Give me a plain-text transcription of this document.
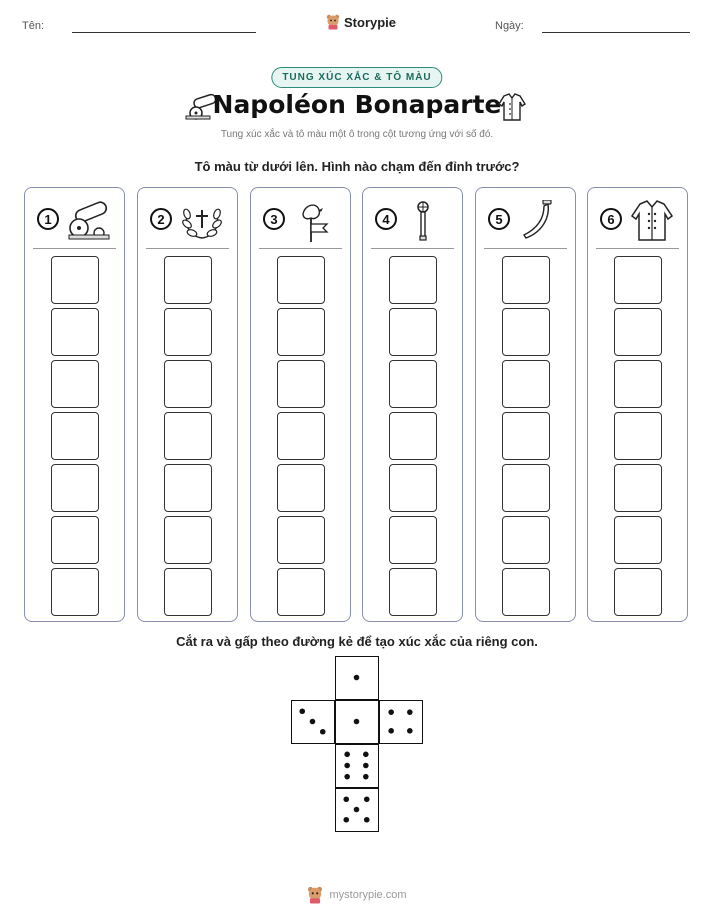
Tên:	Storypie	Ngày:
TUNG XÚC XẮC & TÔ MÀU
Napoléon Bonaparte
Tung xúc xắc và tô màu một ô trong cột tương ứng với số đó.
Tô màu từ dưới lên. Hình nào chạm đến đỉnh trước?
1	2	3	4	5	6
Cắt ra và gấp theo đường kẻ để tạo xúc xắc của riêng con.
mystorypie.com
